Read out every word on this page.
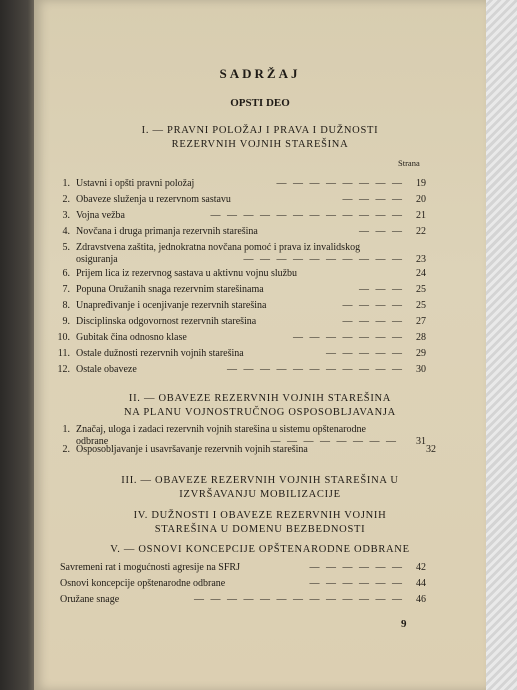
SADRŽAJ
OPSTI DEO
I. — PRAVNI POLOŽAJ I PRAVA I DUŽNOSTI
REZERVNIH VOJNIH STAREŠINA
Strana
1. Ustavni i opšti pravni položaj	— — — — — — — —	19
2. Obaveze služenja u rezervnom sastavu	— — — —	20
3. Vojna vežba	— — — — — — — — — — — —	21
4. Novčana i druga primanja rezervnih starešina	— — —	22
5. Zdravstvena zaštita, jednokratna novčana pomoć i prava iz invalidskog osiguranja	— — — — — — — — — —	23
6. Prijem lica iz rezervnog sastava u aktivnu vojnu službu	24
7. Popuna Oružanih snaga rezervnim starešinama	— — —	25
8. Unapređivanje i ocenjivanje rezervnih starešina	— — — —	25
9. Disciplinska odgovornost rezervnih starešina	— — — —	27
10. Gubitak čina odnosno klase	— — — — — — —	28
11. Ostale dužnosti rezervnih vojnih starešina	— — — — —	29
12. Ostale obaveze	— — — — — — — — — — —	30
II. — OBAVEZE REZERVNIH VOJNIH STAREŠINA
NA PLANU VOJNOSTRUČNOG OSPOSOBLJAVANJA
1. Značaj, uloga i zadaci rezervnih vojnih starešina u sistemu opštenarodne odbrane	— — — — — — — —	31
2. Osposobljavanje i usavršavanje rezervnih vojnih starešina	32
III. — OBAVEZE REZERVNIH VOJNIH STAREŠINA U
IZVRŠAVANJU MOBILIZACIJE
IV. DUŽNOSTI I OBAVEZE REZERVNIH VOJNIH
STAREŠINA U DOMENU BEZBEDNOSTI
V. — OSNOVI KONCEPCIJE OPŠTENARODNE ODBRANE
Savremeni rat i mogućnosti agresije na SFRJ	— — — — — —	42
Osnovi koncepcije opštenarodne odbrane	— — — — — —	44
Oružane snage	— — — — — — — — — — — — —	46
9
